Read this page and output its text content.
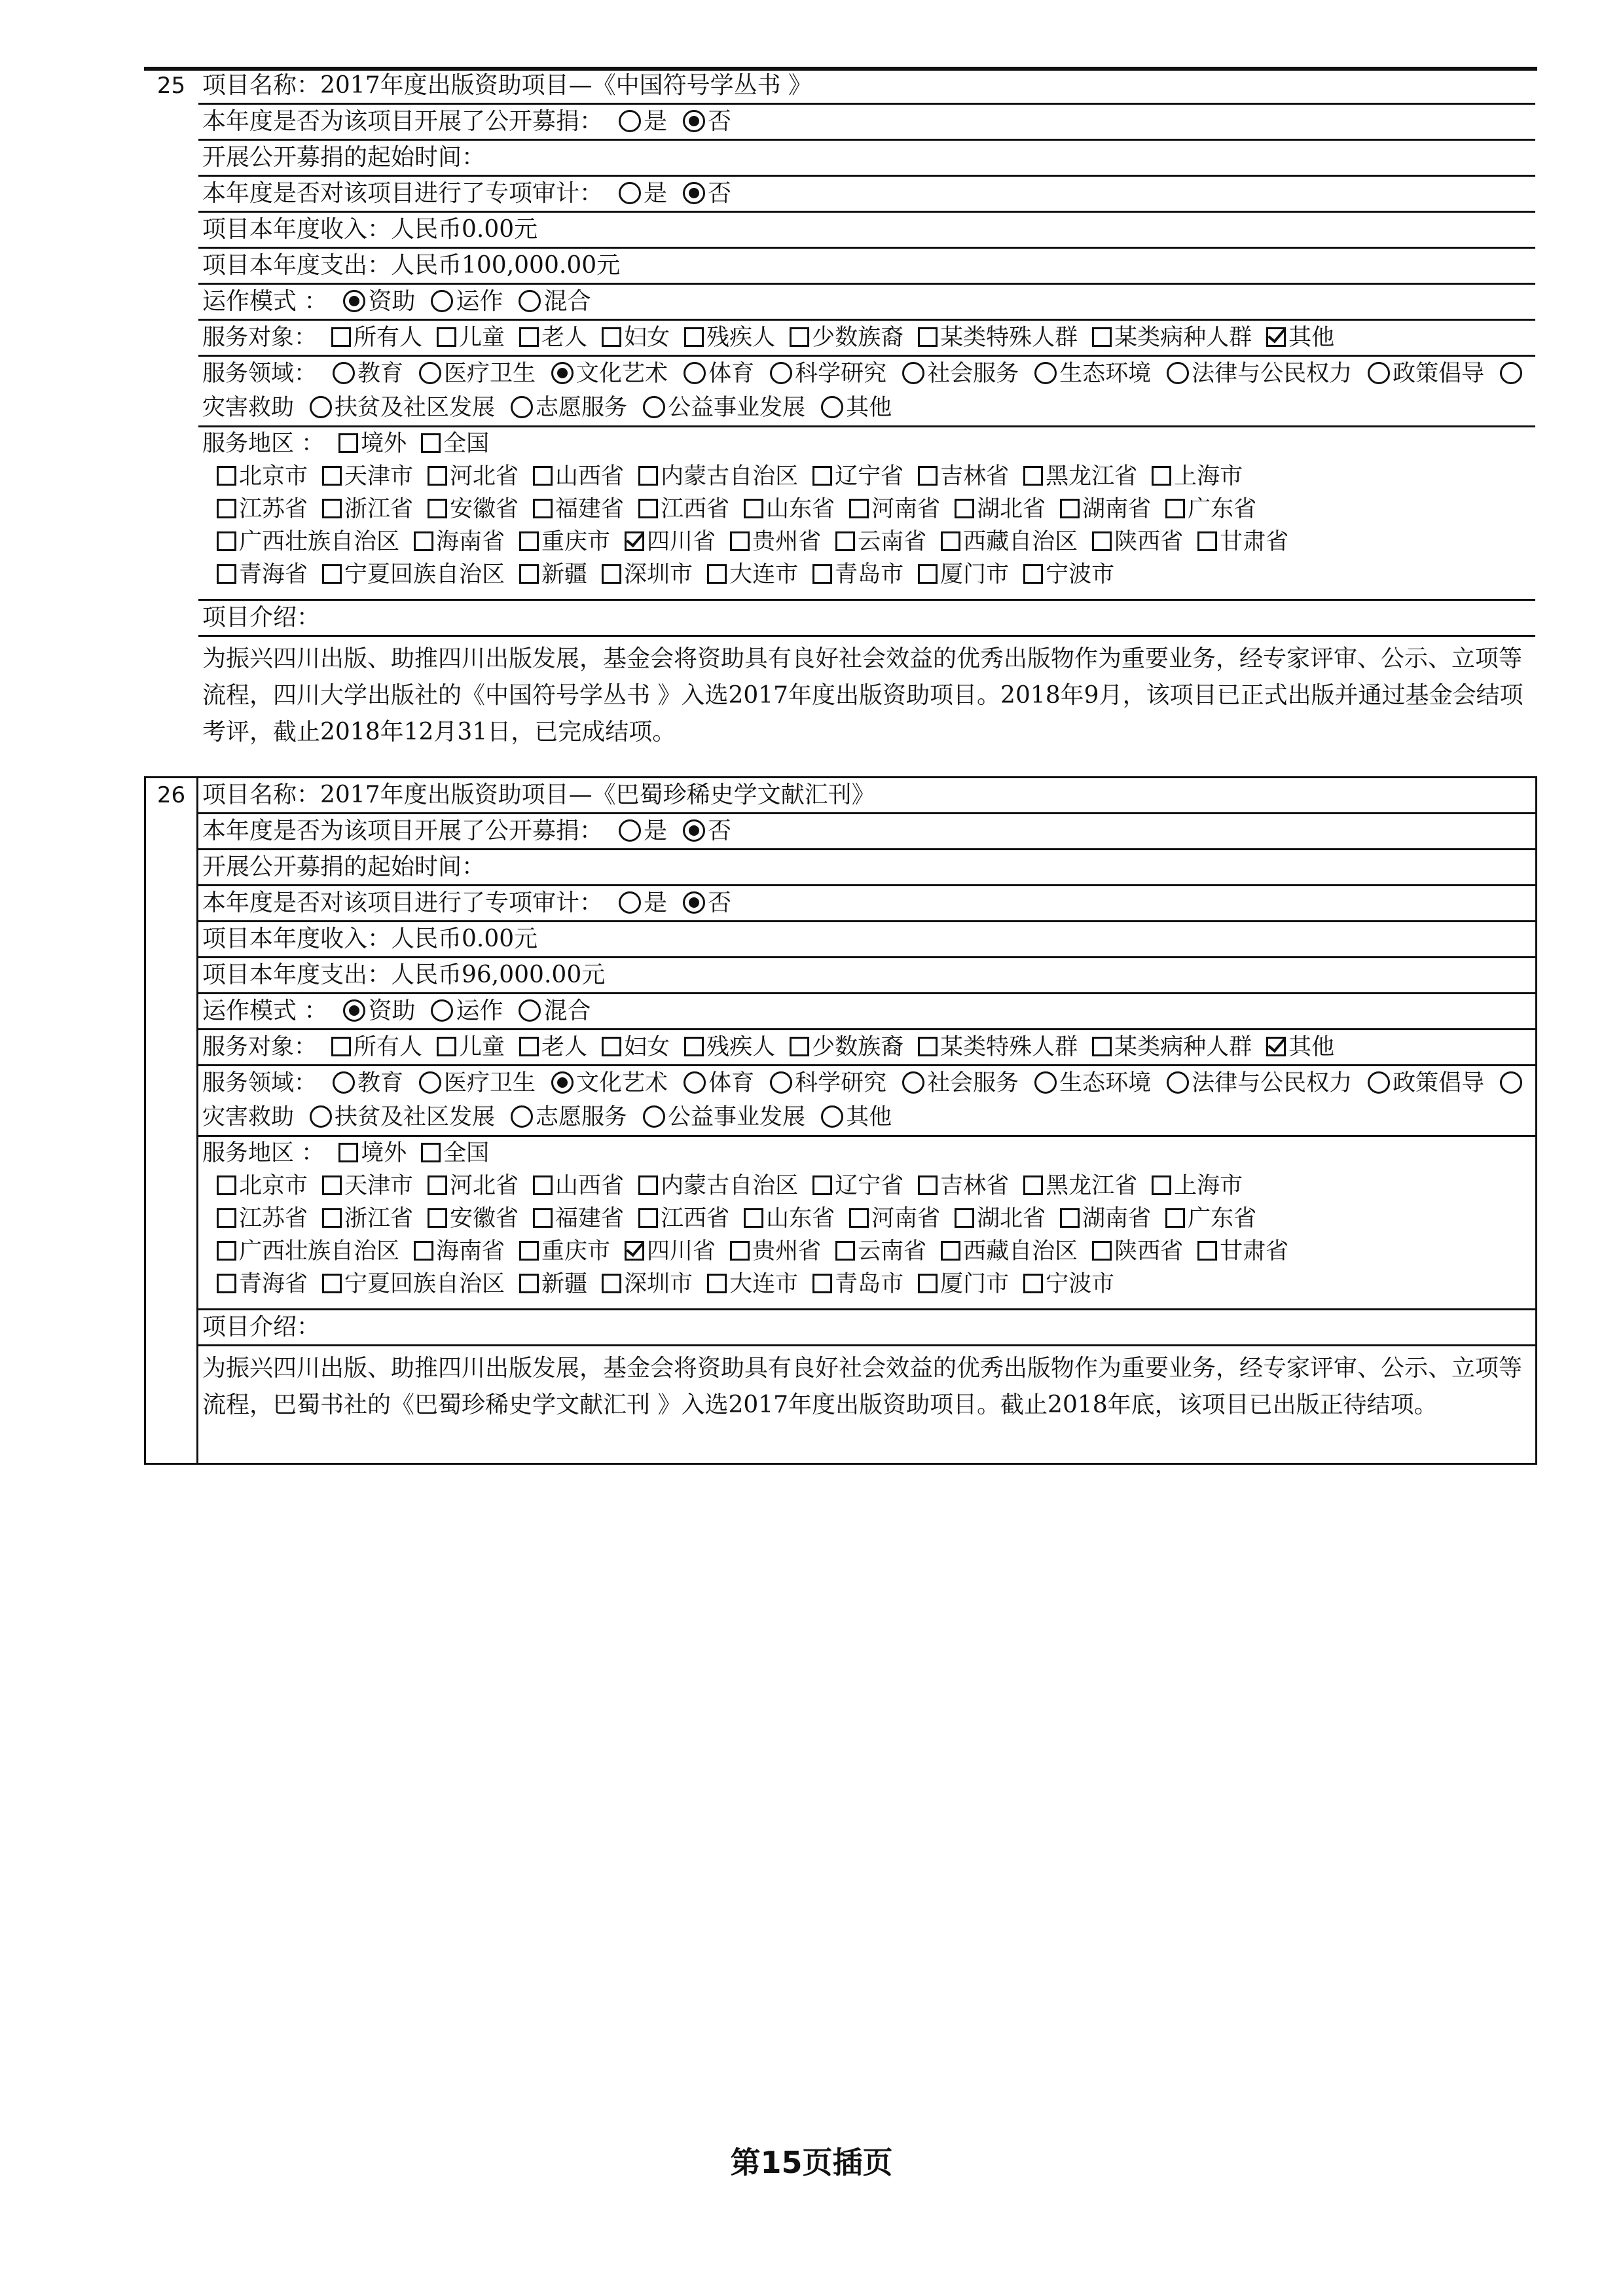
25 项目名称：2017年度出版资助项目—《中国符号学丛书 》
本年度是否为该项目开展了公开募捐： 是 否
开展公开募捐的起始时间：
本年度是否对该项目进行了专项审计： 是 否
项目本年度收入：人民币0.00元
项目本年度支出：人民币100,000.00元
运作模式 ： 资助 运作 混合
服务对象： 所有人 儿童 老人 妇女 残疾人 少数族裔 某类特殊人群 某类病种人群 其他
服务领域： 教育 医疗卫生 文化艺术 体育 科学研究 社会服务 生态环境 法律与公民权力 政策倡导灾害救助 扶贫及社区发展 志愿服务 公益事业发展 其他
服务地区 ： 境外 全国
北京市 天津市 河北省 山西省 内蒙古自治区 辽宁省 吉林省 黑龙江省 上海市
江苏省 浙江省 安徽省 福建省 江西省 山东省 河南省 湖北省 湖南省 广东省
广西壮族自治区 海南省 重庆市 四川省 贵州省 云南省 西藏自治区 陕西省 甘肃省
青海省 宁夏回族自治区 新疆 深圳市 大连市 青岛市 厦门市 宁波市
项目介绍：
为振兴四川出版、助推四川出版发展，基金会将资助具有良好社会效益的优秀出版物作为重要业务，经专家评审、公示、立项等流程，四川大学出版社的《中国符号学丛书 》入选2017年度出版资助项目。2018年9月，该项目已正式出版并通过基金会结项考评，截止2018年12月31日，已完成结项。
26 项目名称：2017年度出版资助项目—《巴蜀珍稀史学文献汇刊》
本年度是否为该项目开展了公开募捐： 是 否
开展公开募捐的起始时间：
本年度是否对该项目进行了专项审计： 是 否
项目本年度收入：人民币0.00元
项目本年度支出：人民币96,000.00元
运作模式 ： 资助 运作 混合
服务对象： 所有人 儿童 老人 妇女 残疾人 少数族裔 某类特殊人群 某类病种人群 其他
服务领域： 教育 医疗卫生 文化艺术 体育 科学研究 社会服务 生态环境 法律与公民权力 政策倡导灾害救助 扶贫及社区发展 志愿服务 公益事业发展 其他
服务地区 ： 境外 全国
北京市 天津市 河北省 山西省 内蒙古自治区 辽宁省 吉林省 黑龙江省 上海市
江苏省 浙江省 安徽省 福建省 江西省 山东省 河南省 湖北省 湖南省 广东省
广西壮族自治区 海南省 重庆市 四川省 贵州省 云南省 西藏自治区 陕西省 甘肃省
青海省 宁夏回族自治区 新疆 深圳市 大连市 青岛市 厦门市 宁波市
项目介绍：
为振兴四川出版、助推四川出版发展，基金会将资助具有良好社会效益的优秀出版物作为重要业务，经专家评审、公示、立项等流程，巴蜀书社的《巴蜀珍稀史学文献汇刊 》入选2017年度出版资助项目。截止2018年底，该项目已出版正待结项。
第15页插页
